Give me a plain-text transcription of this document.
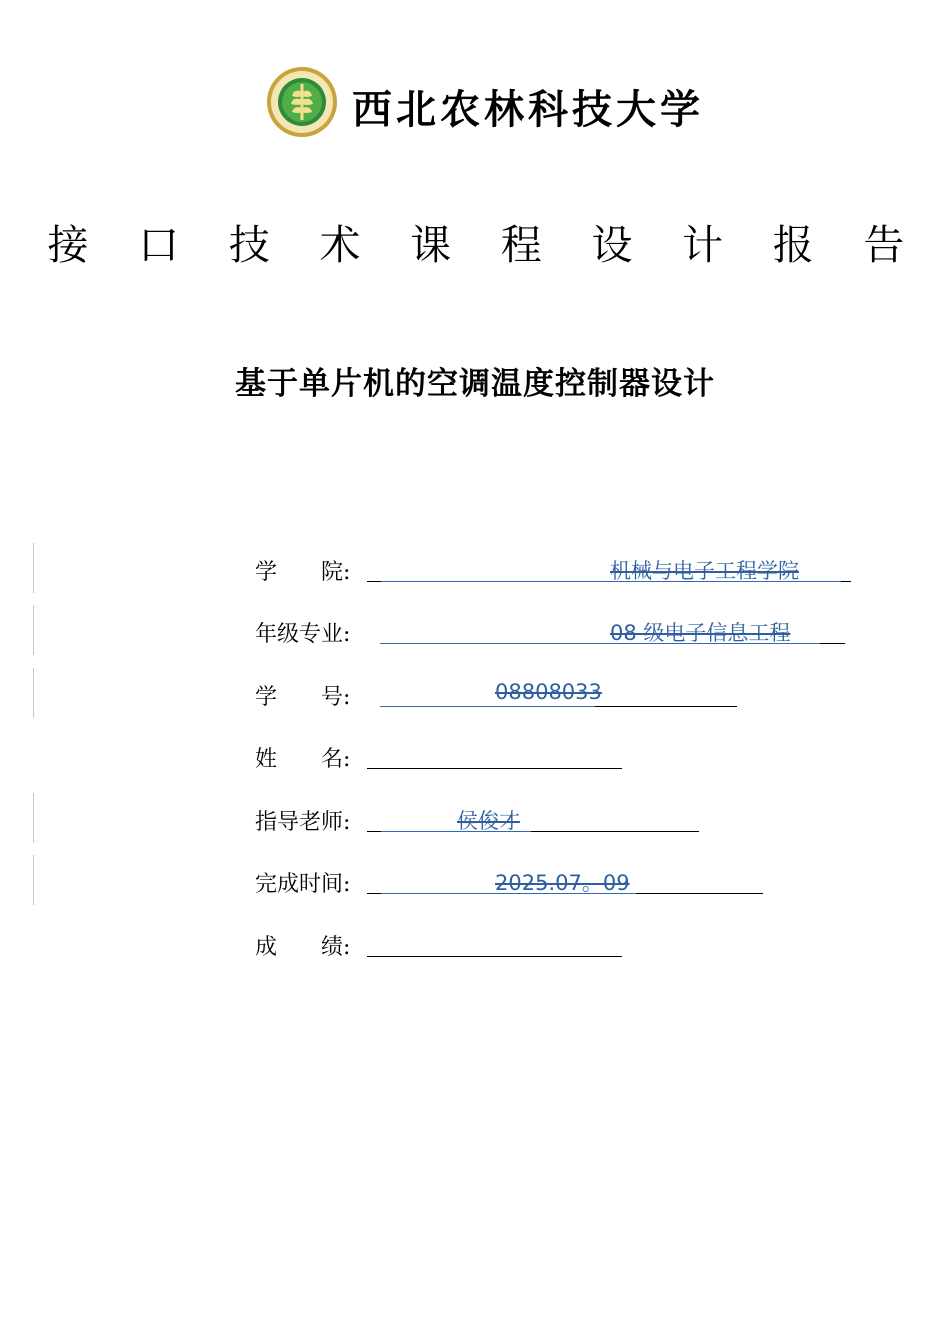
西北农林科技大学
接 口 技 术 课 程 设 计 报 告
基于单片机的空调温度控制器设计
学　　院:	机械与电子工程学院
年级专业:	08 级电子信息工程
学　　号:	08808033
姓　　名:
指导老师:	侯俊才
完成时间:	2025.07。09
成　　绩:
